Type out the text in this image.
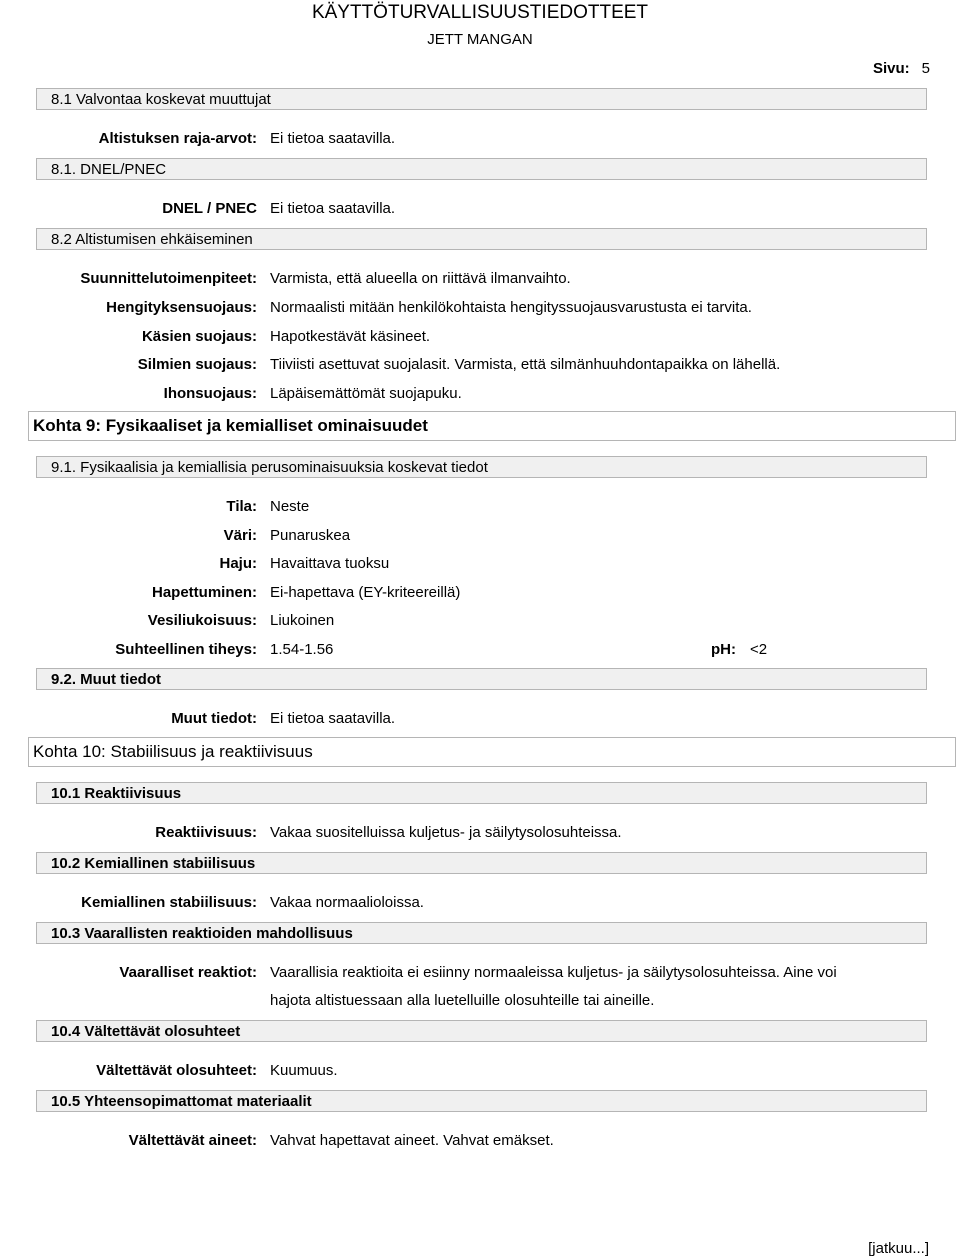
KÄYTTÖTURVALLISUUSTIEDOTTEET
JETT MANGAN
Sivu: 5
8.1 Valvontaa koskevat muuttujat
Altistuksen raja-arvot: Ei tietoa saatavilla.
8.1. DNEL/PNEC
DNEL / PNEC Ei tietoa saatavilla.
8.2 Altistumisen ehkäiseminen
Suunnittelutoimenpiteet: Varmista, että alueella on riittävä ilmanvaihto.
Hengityksensuojaus: Normaalisti mitään henkilökohtaista hengityssuojausvarustusta ei tarvita.
Käsien suojaus: Hapotkestävät käsineet.
Silmien suojaus: Tiiviisti asettuvat suojalasit. Varmista, että silmänhuuhdontapaikka on lähellä.
Ihonsuojaus: Läpäisemättömät suojapuku.
Kohta 9: Fysikaaliset ja kemialliset ominaisuudet
9.1. Fysikaalisia ja kemiallisia perusominaisuuksia koskevat tiedot
Tila: Neste
Väri: Punaruskea
Haju: Havaittava tuoksu
Hapettuminen: Ei-hapettava (EY-kriteereillä)
Vesiliukoisuus: Liukoinen
Suhteellinen tiheys: 1.54-1.56	pH: <2
9.2. Muut tiedot
Muut tiedot: Ei tietoa saatavilla.
Kohta 10: Stabiilisuus ja reaktiivisuus
10.1 Reaktiivisuus
Reaktiivisuus: Vakaa suositelluissa kuljetus- ja säilytysolosuhteissa.
10.2 Kemiallinen stabiilisuus
Kemiallinen stabiilisuus: Vakaa normaalioloissa.
10.3 Vaarallisten reaktioiden mahdollisuus
Vaaralliset reaktiot: Vaarallisia reaktioita ei esiinny normaaleissa kuljetus- ja säilytysolosuhteissa. Aine voi
hajota altistuessaan alla luetelluille olosuhteille tai aineille.
10.4 Vältettävät olosuhteet
Vältettävät olosuhteet: Kuumuus.
10.5 Yhteensopimattomat materiaalit
Vältettävät aineet: Vahvat hapettavat aineet. Vahvat emäkset.
[jatkuu...]
